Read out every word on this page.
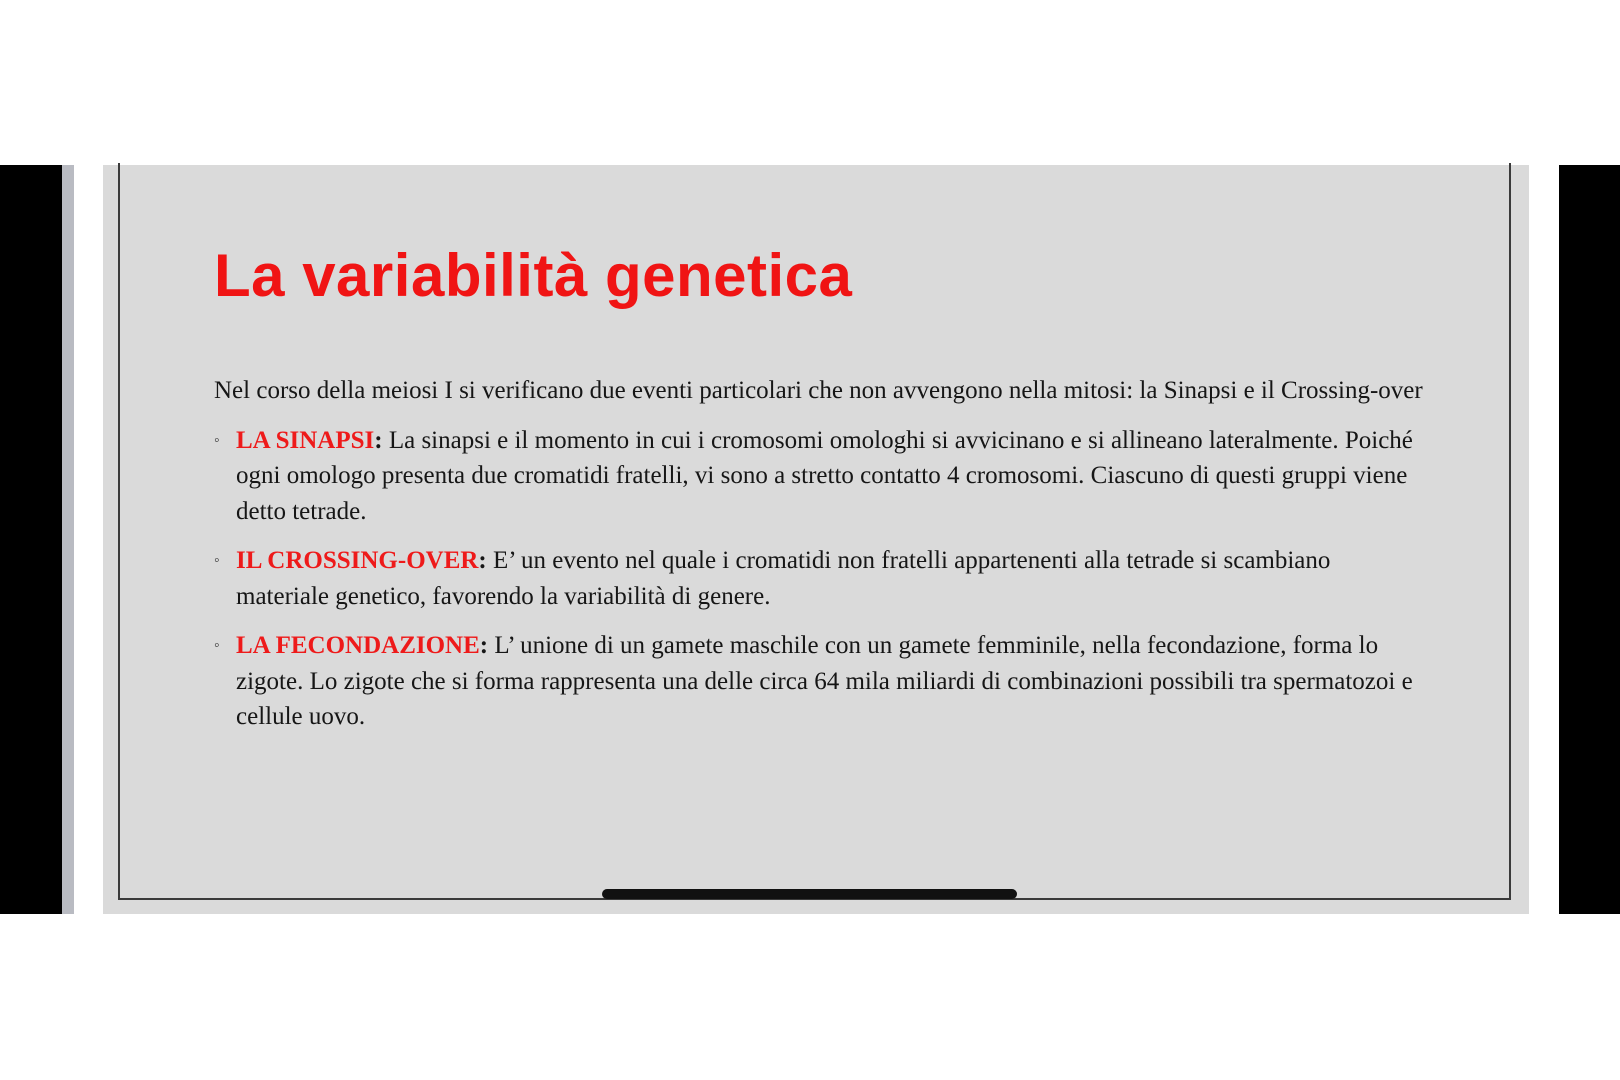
La variabilità genetica

Nel corso della meiosi I si verificano due eventi particolari che non avvengono nella mitosi: la Sinapsi e il Crossing-over

◦ LA SINAPSI: La sinapsi e il momento in cui i cromosomi omologhi si avvicinano e si allineano lateralmente. Poiché ogni omologo presenta due cromatidi fratelli, vi sono a stretto contatto 4 cromosomi. Ciascuno di questi gruppi viene detto tetrade.
◦ IL CROSSING-OVER: E’ un evento nel quale i cromatidi non fratelli appartenenti alla tetrade si scambiano materiale genetico, favorendo la variabilità di genere.
◦ LA FECONDAZIONE: L’ unione di un gamete maschile con un gamete femminile, nella fecondazione, forma lo zigote. Lo zigote che si forma rappresenta una delle circa 64 mila miliardi di combinazioni possibili tra spermatozoi e cellule uovo.
